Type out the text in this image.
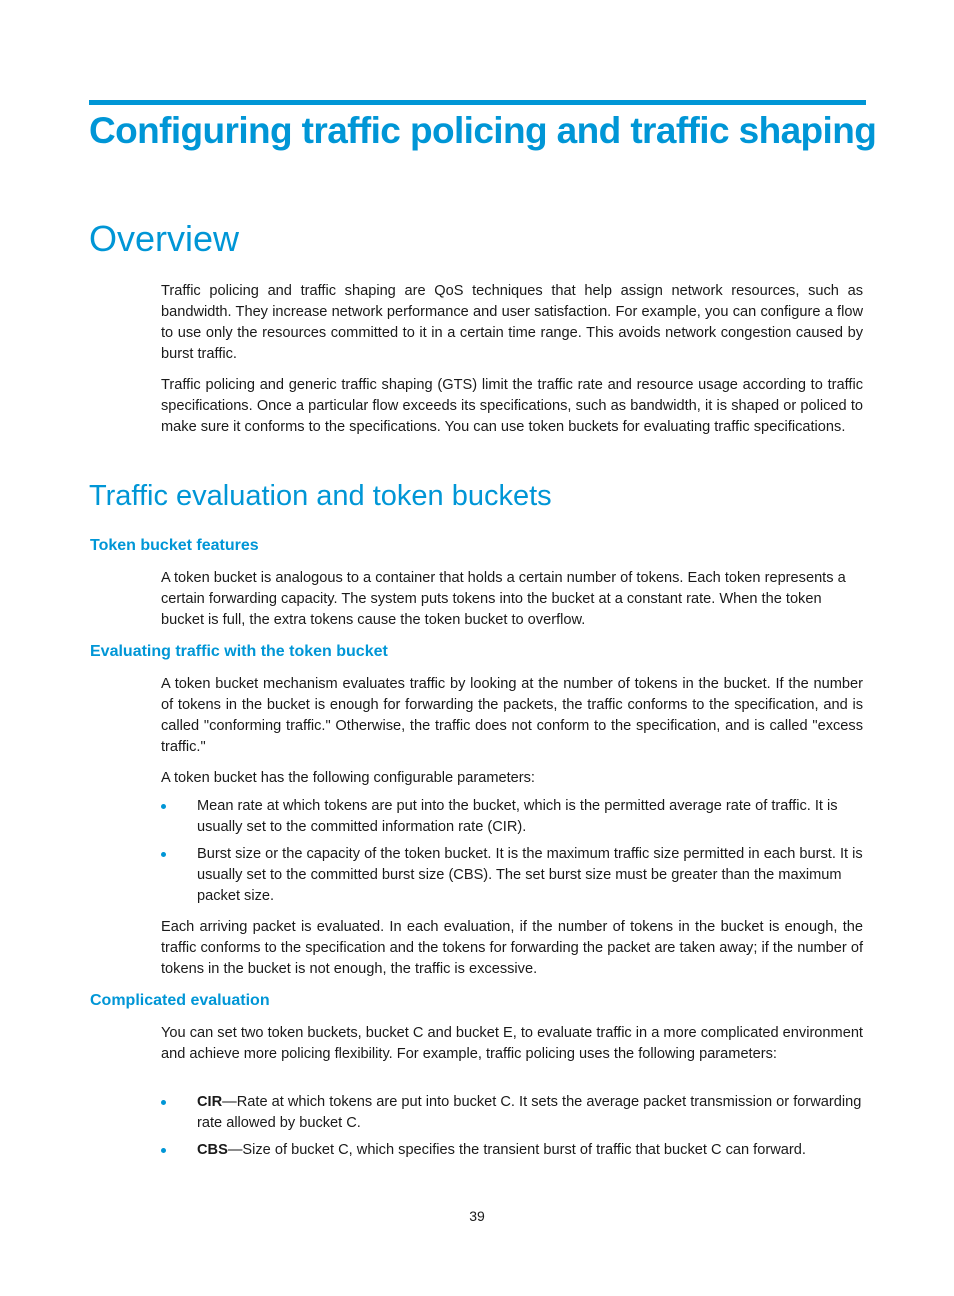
Configuring traffic policing and traffic shaping
Overview

Traffic policing and traffic shaping are QoS techniques that help assign network resources, such as bandwidth. They increase network performance and user satisfaction. For example, you can configure a flow to use only the resources committed to it in a certain time range. This avoids network congestion caused by burst traffic.

Traffic policing and generic traffic shaping (GTS) limit the traffic rate and resource usage according to traffic specifications. Once a particular flow exceeds its specifications, such as bandwidth, it is shaped or policed to make sure it conforms to the specifications. You can use token buckets for evaluating traffic specifications.

Traffic evaluation and token buckets
Token bucket features

A token bucket is analogous to a container that holds a certain number of tokens. Each token represents a certain forwarding capacity. The system puts tokens into the bucket at a constant rate. When the token bucket is full, the extra tokens cause the token bucket to overflow.

Evaluating traffic with the token bucket

A token bucket mechanism evaluates traffic by looking at the number of tokens in the bucket. If the number of tokens in the bucket is enough for forwarding the packets, the traffic conforms to the specification, and is called "conforming traffic." Otherwise, the traffic does not conform to the specification, and is called "excess traffic."

A token bucket has the following configurable parameters:

Mean rate at which tokens are put into the bucket, which is the permitted average rate of traffic. It is usually set to the committed information rate (CIR).
Burst size or the capacity of the token bucket. It is the maximum traffic size permitted in each burst. It is usually set to the committed burst size (CBS). The set burst size must be greater than the maximum packet size.

Each arriving packet is evaluated. In each evaluation, if the number of tokens in the bucket is enough, the traffic conforms to the specification and the tokens for forwarding the packet are taken away; if the number of tokens in the bucket is not enough, the traffic is excessive.

Complicated evaluation

You can set two token buckets, bucket C and bucket E, to evaluate traffic in a more complicated environment and achieve more policing flexibility. For example, traffic policing uses the following parameters:

CIR—Rate at which tokens are put into bucket C. It sets the average packet transmission or forwarding rate allowed by bucket C.
CBS—Size of bucket C, which specifies the transient burst of traffic that bucket C can forward.
39
